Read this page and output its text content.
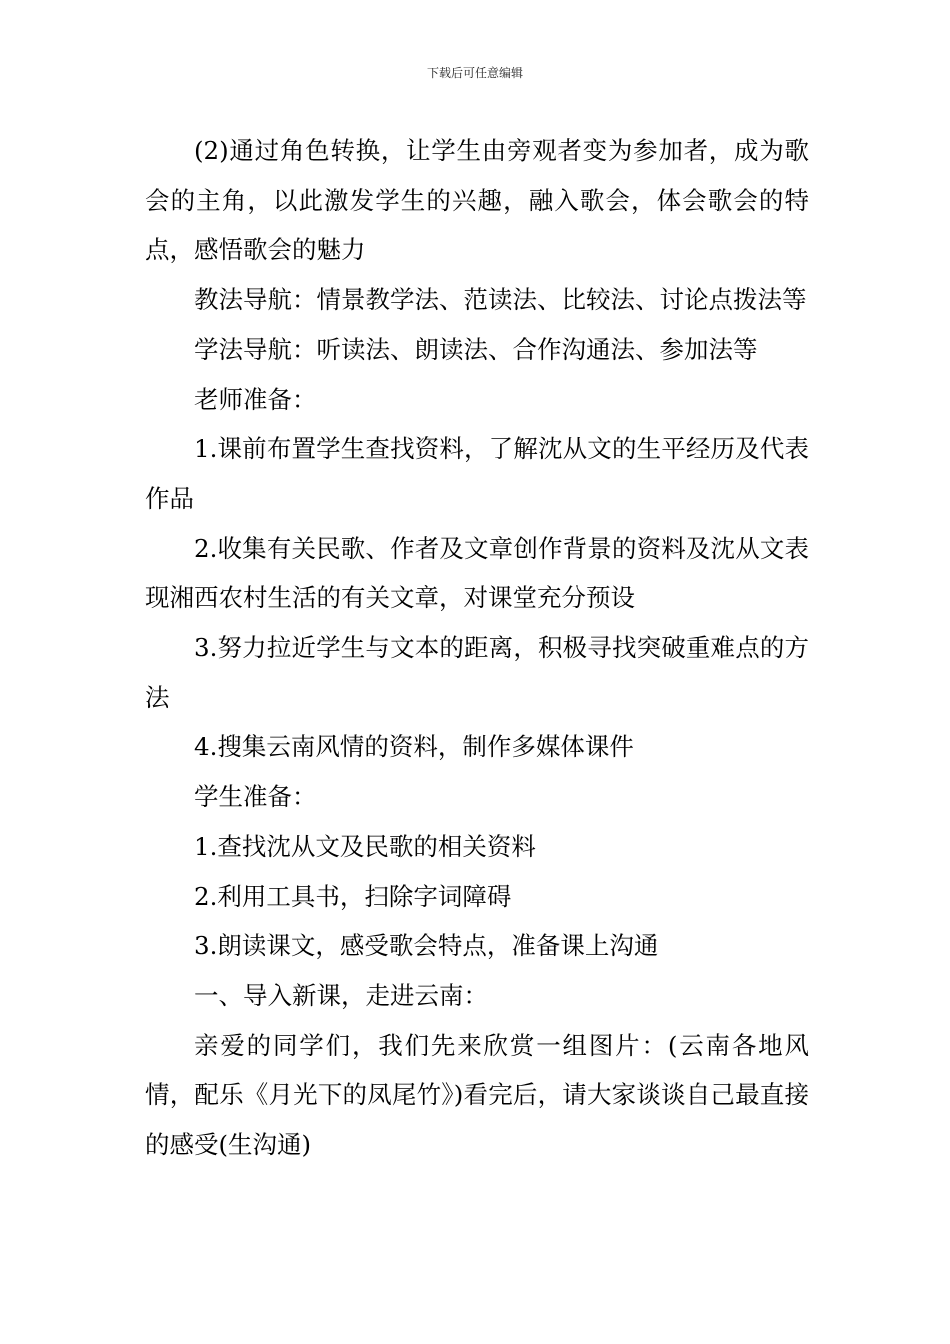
下载后可任意编辑

(2)通过角色转换，让学生由旁观者变为参加者，成为歌会的主角，以此激发学生的兴趣，融入歌会，体会歌会的特点，感悟歌会的魅力

教法导航：情景教学法、范读法、比较法、讨论点拨法等

学法导航：听读法、朗读法、合作沟通法、参加法等

老师准备：

1.课前布置学生查找资料，了解沈从文的生平经历及代表作品

2.收集有关民歌、作者及文章创作背景的资料及沈从文表现湘西农村生活的有关文章，对课堂充分预设

3.努力拉近学生与文本的距离，积极寻找突破重难点的方法

4.搜集云南风情的资料，制作多媒体课件

学生准备：

1.查找沈从文及民歌的相关资料

2.利用工具书，扫除字词障碍

3.朗读课文，感受歌会特点，准备课上沟通

一、导入新课，走进云南：

亲爱的同学们，我们先来欣赏一组图片：(云南各地风情，配乐《月光下的凤尾竹》)看完后，请大家谈谈自己最直接的感受(生沟通)
